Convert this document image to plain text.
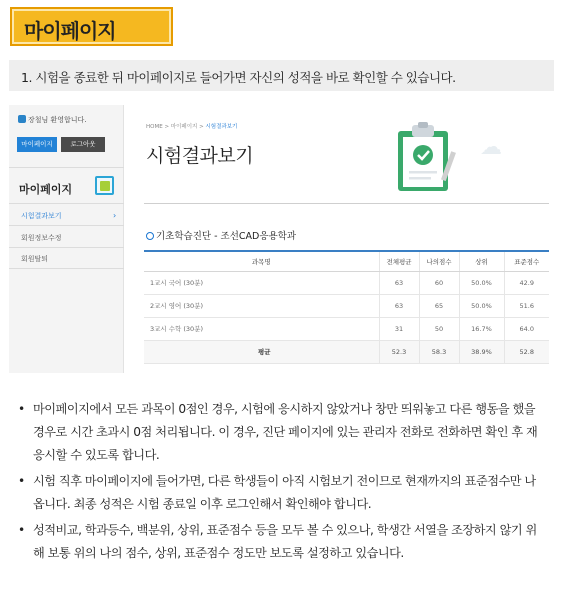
마이페이지
1. 시험을 종료한 뒤 마이페이지로 들어가면 자신의 성적을 바로 확인할 수 있습니다.
장철님 환영합니다.
마이페이지	로그아웃
마이페이지
시험결과보기	›
회원정보수정
회원탈퇴
HOME > 마이페이지 > 시험결과보기
시험결과보기	☁
기초학습진단 - 조선CAD응용학과
과목명	전체평균	나의점수	상위	표준점수
1교시 국어 (30분)	63	60	50.0%	42.9
2교시 영어 (30분)	63	65	50.0%	51.6
3교시 수학 (30분)	31	50	16.7%	64.0
평균	52.3	58.3	38.9%	52.8
• 마이페이지에서 모든 과목이 0점인 경우, 시험에 응시하지 않았거나 창만 띄워놓고 다른 행동을 했을 경우로 시간 초과시 0점 처리됩니다. 이 경우, 진단 페이지에 있는 관리자 전화로 전화하면 확인 후 재응시할 수 있도록 합니다.
• 시험 직후 마이페이지에 들어가면, 다른 학생들이 아직 시험보기 전이므로 현재까지의 표준점수만 나옵니다. 최종 성적은 시험 종료일 이후 로그인해서 확인해야 합니다.
• 성적비교, 학과등수, 백분위, 상위, 표준점수 등을 모두 볼 수 있으나, 학생간 서열을 조장하지 않기 위해 보통 위의 나의 점수, 상위, 표준점수 정도만 보도록 설정하고 있습니다.
